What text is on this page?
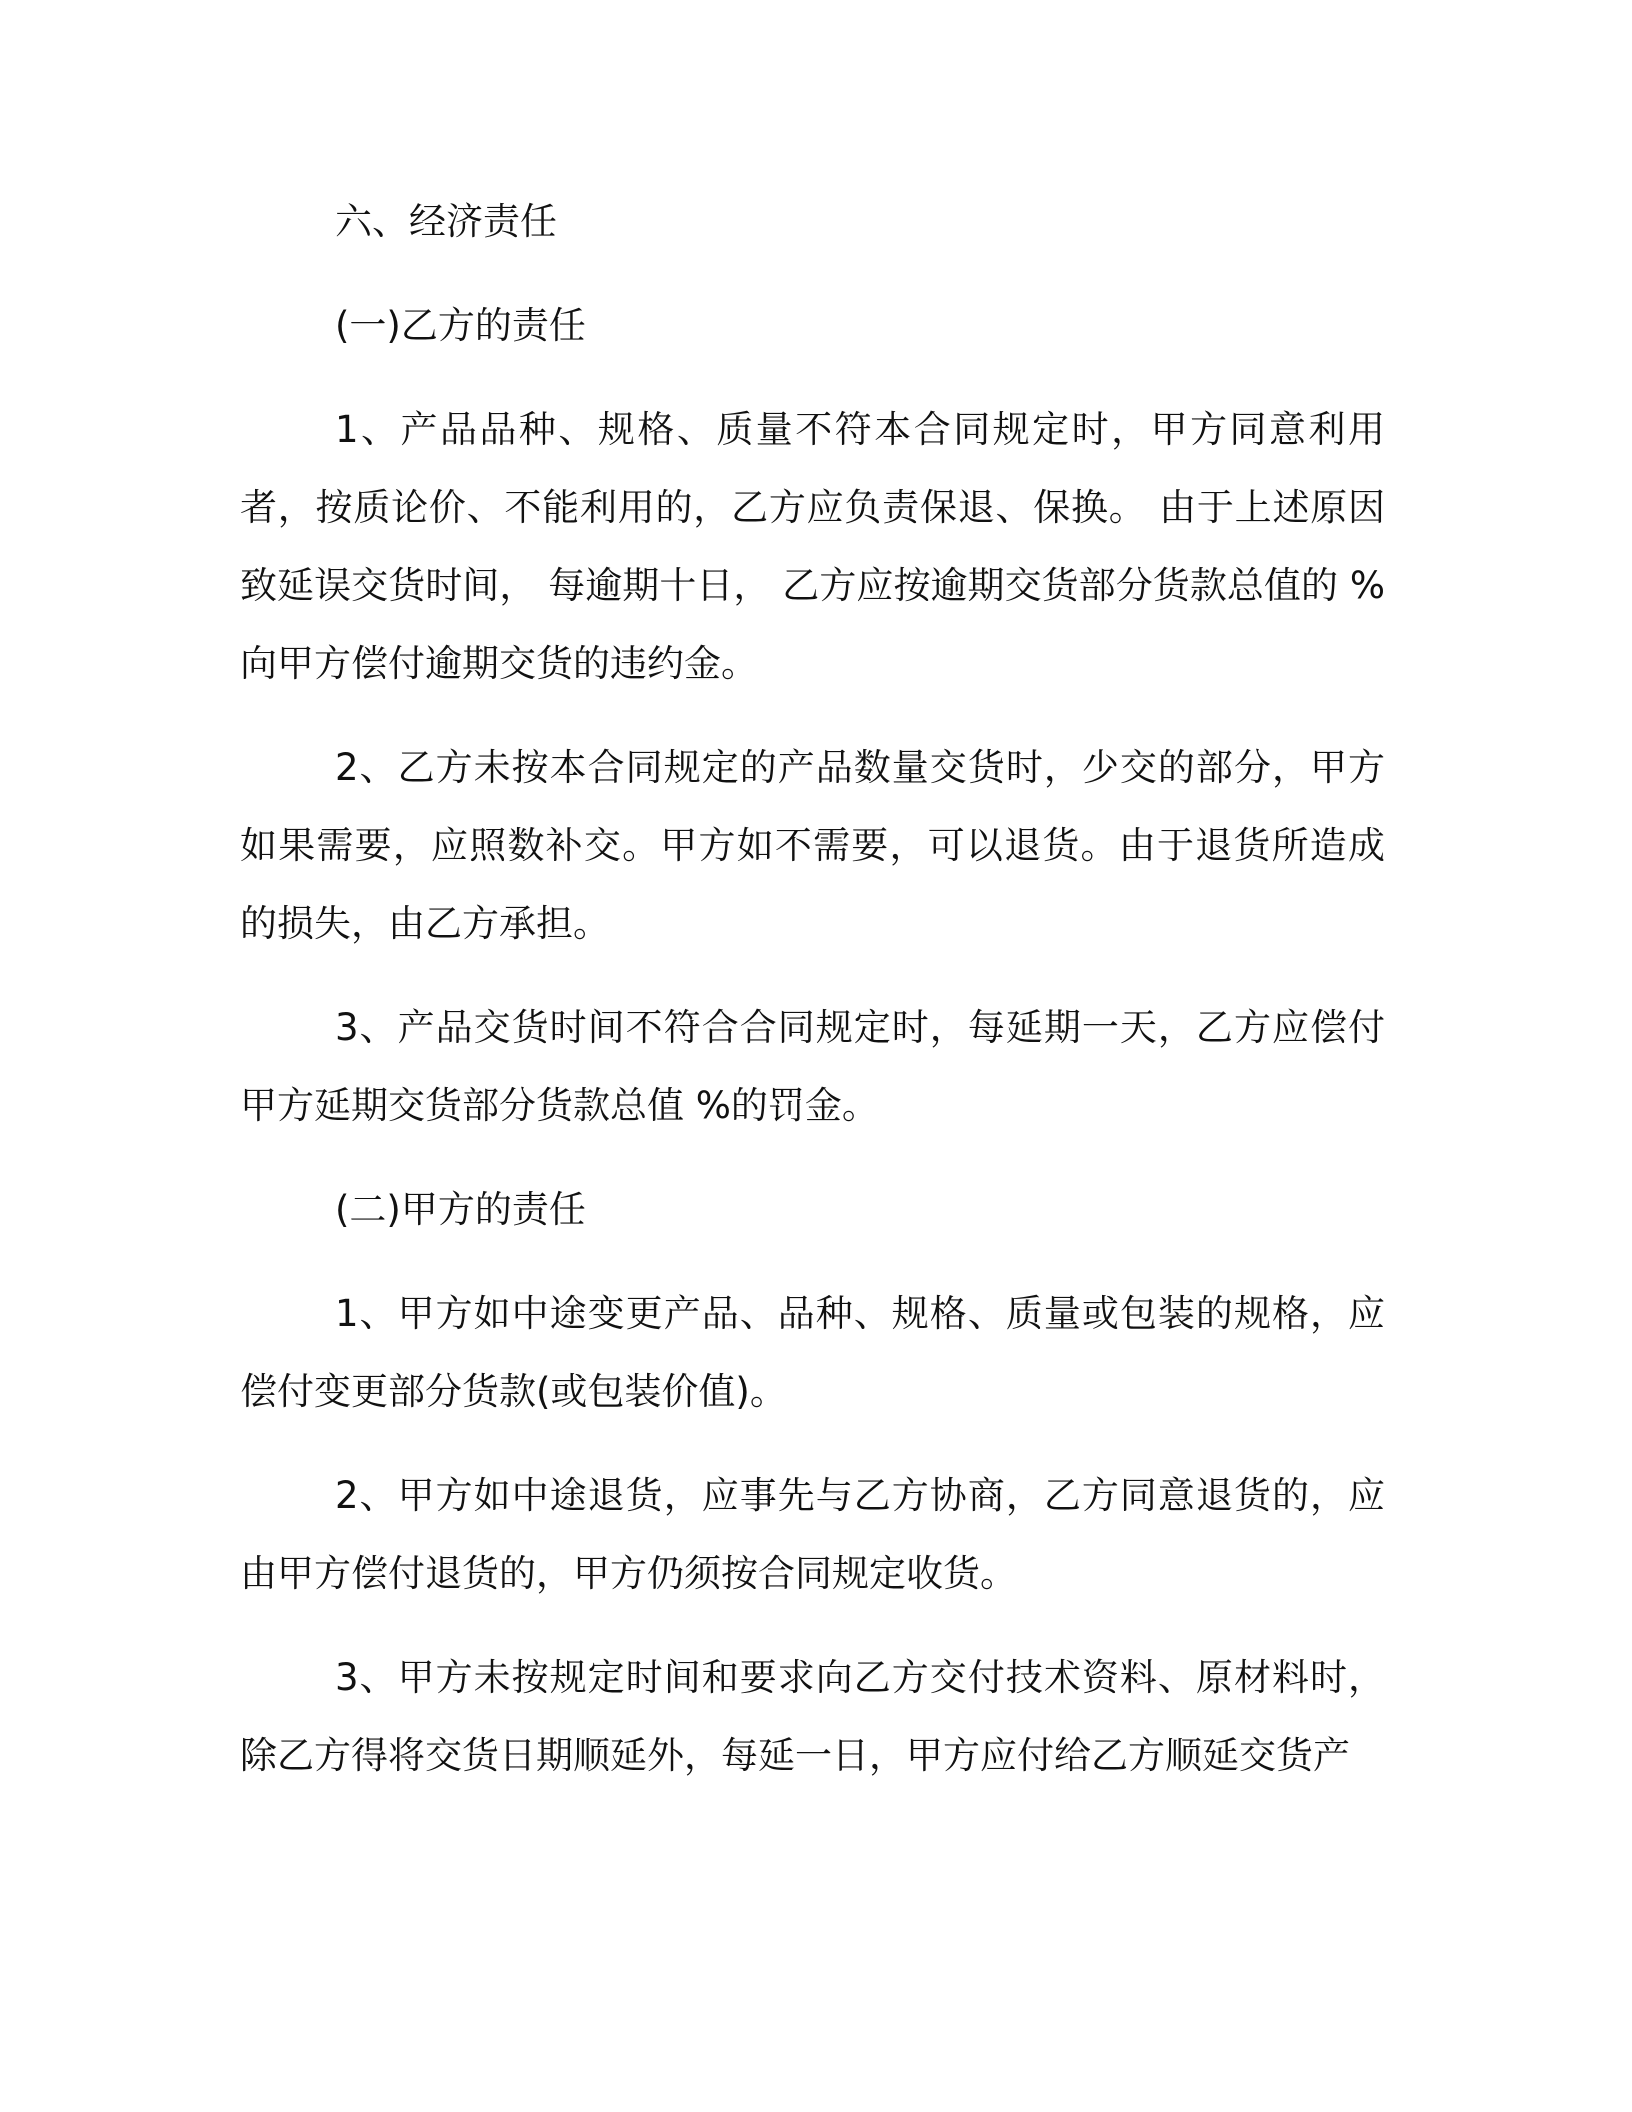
六、经济责任

(一)乙方的责任

1、产品品种、规格、质量不符本合同规定时，甲方同意利用者，按质论价、不能利用的，乙方应负责保退、保换。 由于上述原因致延误交货时间， 每逾期十日， 乙方应按逾期交货部分货款总值的 %向甲方偿付逾期交货的违约金。

2、乙方未按本合同规定的产品数量交货时，少交的部分，甲方如果需要，应照数补交。甲方如不需要，可以退货。由于退货所造成的损失，由乙方承担。

3、产品交货时间不符合合同规定时，每延期一天，乙方应偿付甲方延期交货部分货款总值 %的罚金。

(二)甲方的责任

1、甲方如中途变更产品、品种、规格、质量或包装的规格，应偿付变更部分货款(或包装价值)。

2、甲方如中途退货，应事先与乙方协商，乙方同意退货的，应由甲方偿付退货的，甲方仍须按合同规定收货。

3、甲方未按规定时间和要求向乙方交付技术资料、原材料时，除乙方得将交货日期顺延外，每延一日，甲方应付给乙方顺延交货产
